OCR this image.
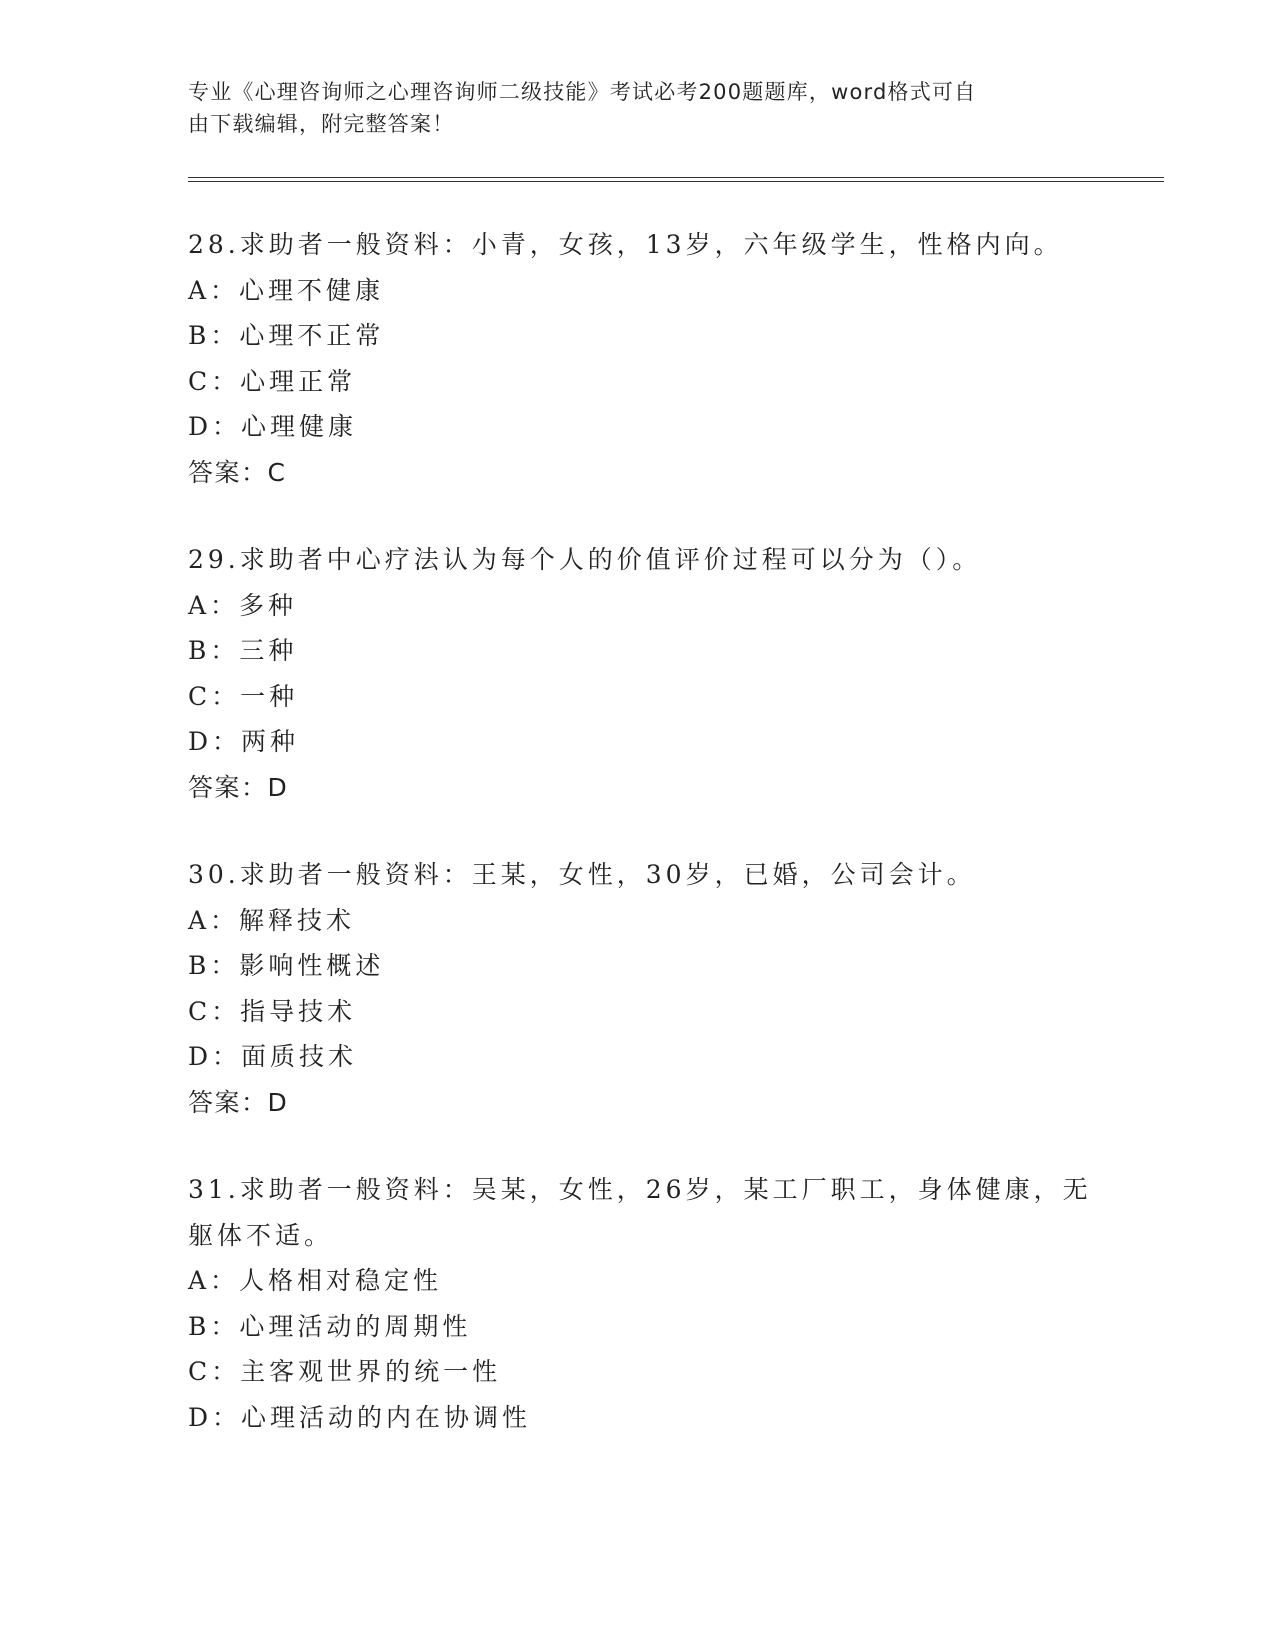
专业《心理咨询师之心理咨询师二级技能》考试必考200题题库，word格式可自
由下载编辑，附完整答案！

28.求助者一般资料：小青，女孩，13岁，六年级学生，性格内向。

A：心理不健康

B：心理不正常

C：心理正常

D：心理健康

答案：C

29.求助者中心疗法认为每个人的价值评价过程可以分为（）。

A：多种

B：三种

C：一种

D：两种

答案：D

30.求助者一般资料：王某，女性，30岁，已婚，公司会计。

A：解释技术

B：影响性概述

C：指导技术

D：面质技术

答案：D

31.求助者一般资料：吴某，女性，26岁，某工厂职工，身体健康，无

躯体不适。

A：人格相对稳定性

B：心理活动的周期性

C：主客观世界的统一性

D：心理活动的内在协调性
